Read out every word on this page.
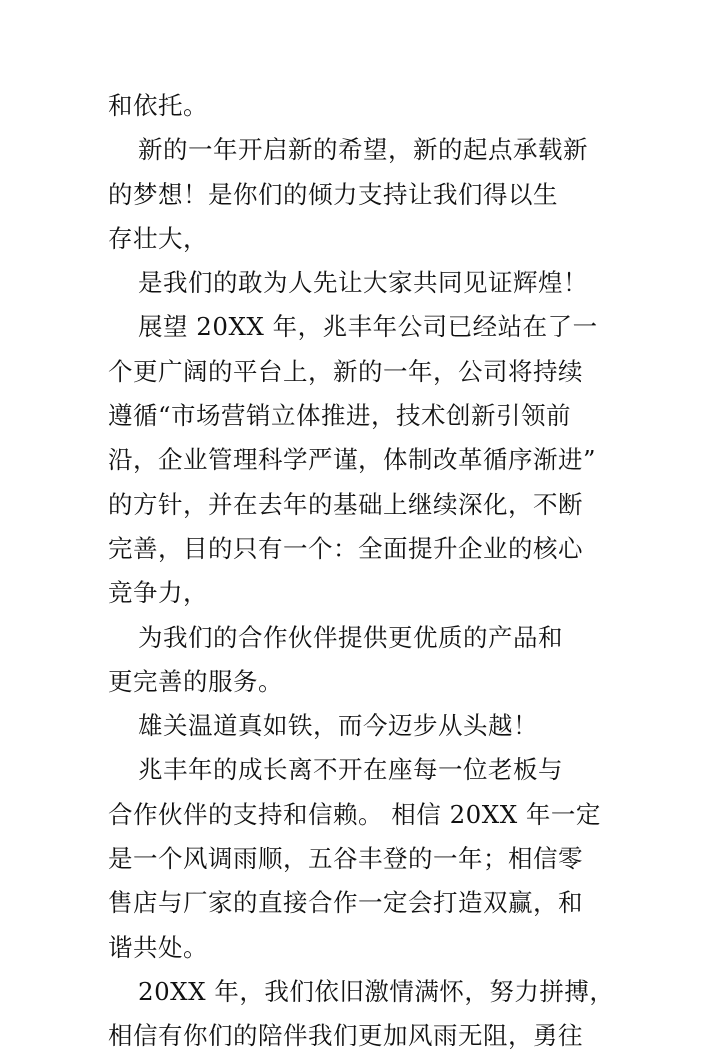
和依托。
新的一年开启新的希望，新的起点承载新
的梦想！是你们的倾力支持让我们得以生
存壮大，
是我们的敢为人先让大家共同见证辉煌！
展望 20XX 年，兆丰年公司已经站在了一
个更广阔的平台上，新的一年，公司将持续
遵循“市场营销立体推进，技术创新引领前
沿，企业管理科学严谨，体制改革循序渐进”
的方针，并在去年的基础上继续深化，不断
完善，目的只有一个：全面提升企业的核心
竞争力，
为我们的合作伙伴提供更优质的产品和
更完善的服务。
雄关温道真如铁，而今迈步从头越！
兆丰年的成长离不开在座每一位老板与
合作伙伴的支持和信赖。 相信 20XX 年一定
是一个风调雨顺，五谷丰登的一年；相信零
售店与厂家的直接合作一定会打造双赢，和
谐共处。
20XX 年，我们依旧激情满怀，努力拼搏，
相信有你们的陪伴我们更加风雨无阻，勇往
